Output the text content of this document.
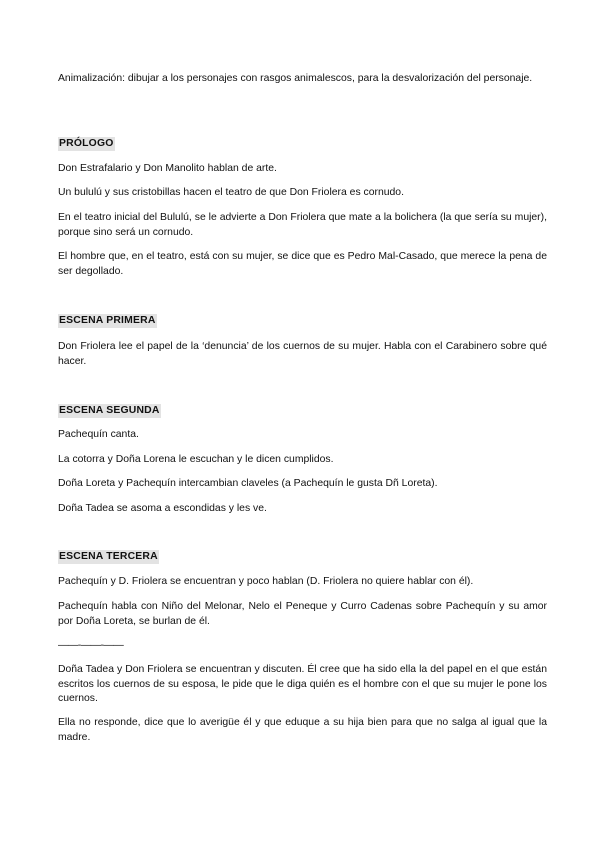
Animalización: dibujar a los personajes con rasgos animalescos, para la desvalorización del personaje.

PRÓLOGO

Don Estrafalario y Don Manolito hablan de arte.

Un bululú y sus cristobillas hacen el teatro de que Don Friolera es cornudo.

En el teatro inicial del Bululú, se le advierte a Don Friolera que mate a la bolichera (la que sería su mujer), porque sino será un cornudo.

El hombre que, en el teatro, está con su mujer, se dice que es Pedro Mal-Casado, que merece la pena de ser degollado.

ESCENA PRIMERA

Don Friolera lee el papel de la ‘denuncia’ de los cuernos de su mujer. Habla con el Carabinero sobre qué hacer.

ESCENA SEGUNDA

Pachequín canta.

La cotorra y Doña Lorena le escuchan y le dicen cumplidos.

Doña Loreta y Pachequín intercambian claveles (a Pachequín le gusta Dñ Loreta).

Doña Tadea se asoma a escondidas y les ve.

ESCENA TERCERA

Pachequín y D. Friolera se encuentran y poco hablan (D. Friolera no quiere hablar con él).

Pachequín habla con Niño del Melonar, Nelo el Peneque y Curro Cadenas sobre Pachequín y su amor por Doña Loreta, se burlan de él.

——-——-——

Doña Tadea y Don Friolera se encuentran y discuten. Él cree que ha sido ella la del papel en el que están escritos los cuernos de su esposa, le pide que le diga quién es el hombre con el que su mujer le pone los cuernos.

Ella no responde, dice que lo averigüe él y que eduque a su hija bien para que no salga al igual que la madre.
